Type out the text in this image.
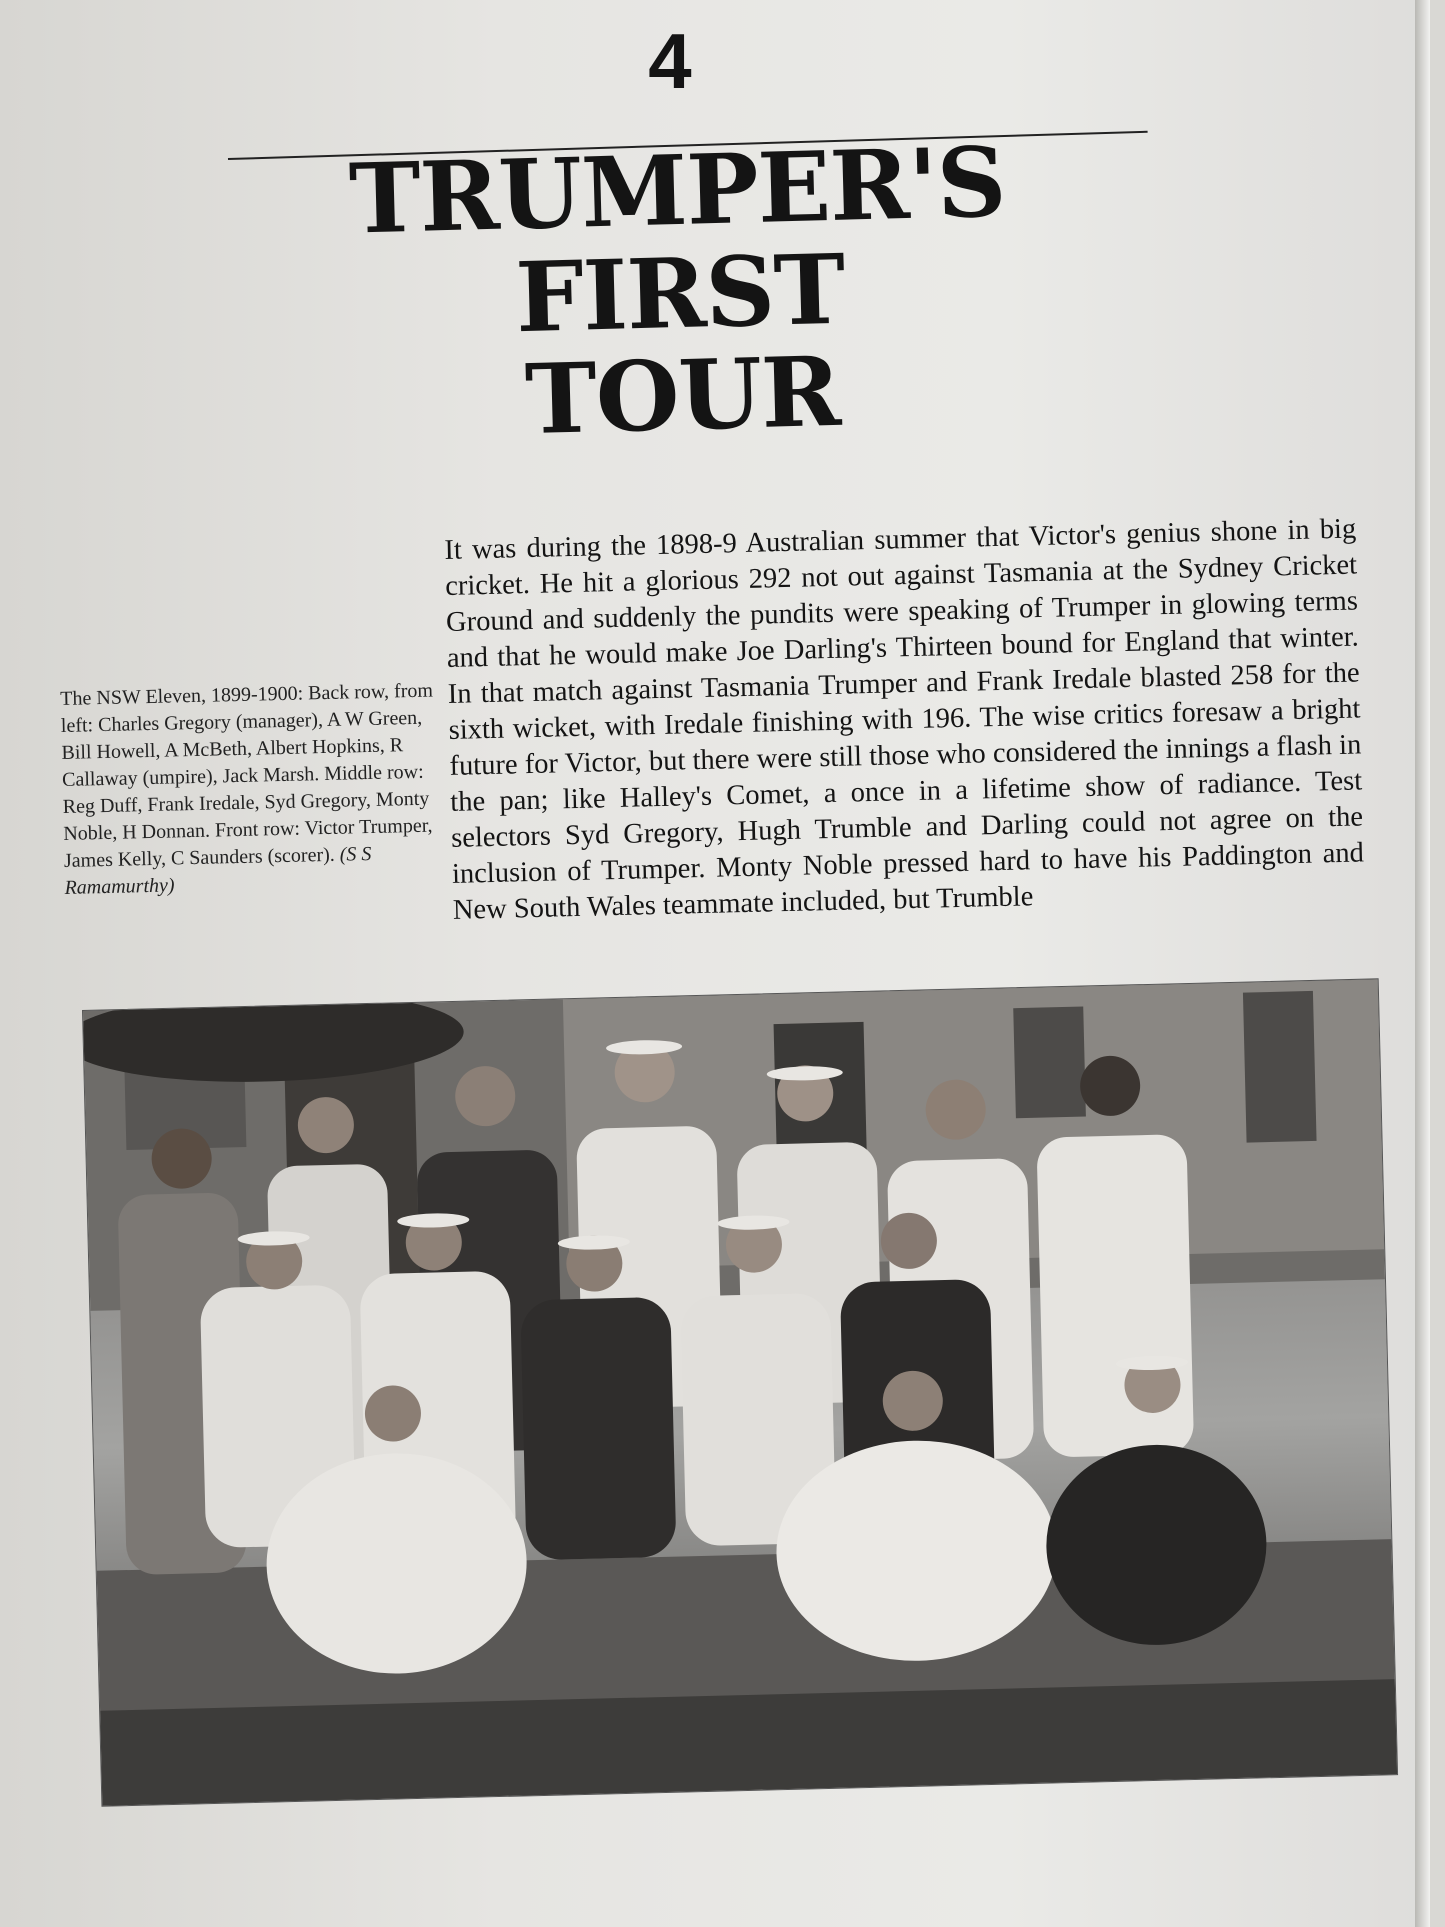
4
TRUMPER'S FIRST
TOUR
The NSW Eleven, 1899-1900: Back row, from left: Charles Gregory (manager), A W Green, Bill Howell, A McBeth, Albert Hopkins, R Callaway (umpire), Jack Marsh. Middle row: Reg Duff, Frank Iredale, Syd Gregory, Monty Noble, H Donnan. Front row: Victor Trumper, James Kelly, C Saunders (scorer). (S S Ramamurthy)
It was during the 1898-9 Australian summer that Victor's genius shone in big cricket. He hit a glorious 292 not out against Tasmania at the Sydney Cricket Ground and suddenly the pundits were speaking of Trumper in glowing terms and that he would make Joe Darling's Thirteen bound for England that winter. In that match against Tasmania Trumper and Frank Iredale blasted 258 for the sixth wicket, with Iredale finishing with 196. The wise critics foresaw a bright future for Victor, but there were still those who considered the innings a flash in the pan; like Halley's Comet, a once in a lifetime show of radiance. Test selectors Syd Gregory, Hugh Trumble and Darling could not agree on the inclusion of Trumper. Monty Noble pressed hard to have his Paddington and New South Wales teammate included, but Trumble
